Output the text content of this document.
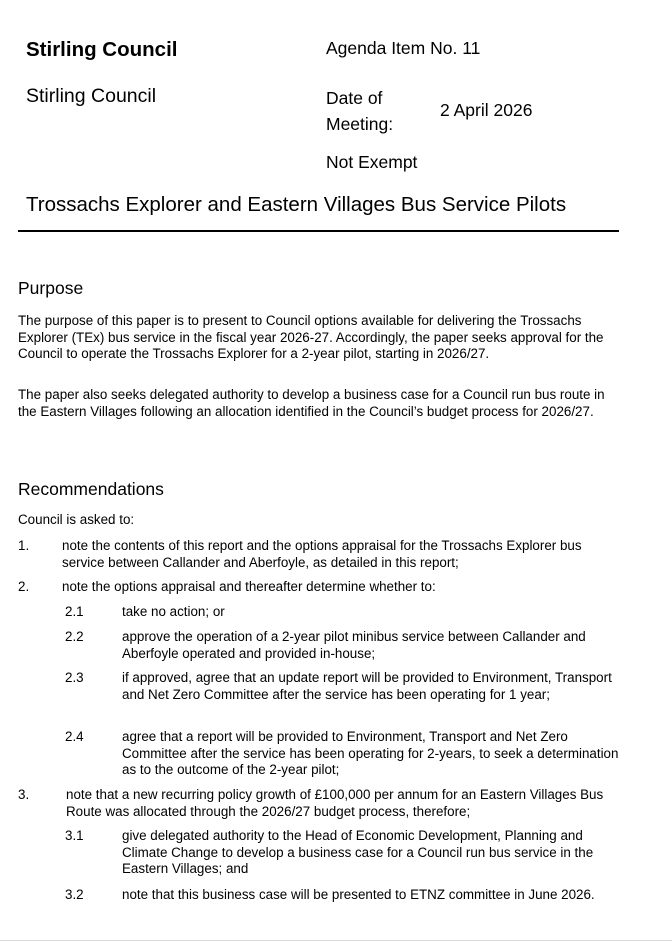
Stirling Council
Stirling Council
Agenda Item No. 11
Date of Meeting:
2 April 2026
Not Exempt
Trossachs Explorer and Eastern Villages Bus Service Pilots
Purpose
The purpose of this paper is to present to Council options available for delivering the Trossachs Explorer (TEx) bus service in the fiscal year 2026-27. Accordingly, the paper seeks approval for the Council to operate the Trossachs Explorer for a 2-year pilot, starting in 2026/27.
The paper also seeks delegated authority to develop a business case for a Council run bus route in the Eastern Villages following an allocation identified in the Council’s budget process for 2026/27.
Recommendations
Council is asked to:
1. note the contents of this report and the options appraisal for the Trossachs Explorer bus service between Callander and Aberfoyle, as detailed in this report;
2. note the options appraisal and thereafter determine whether to:
2.1	take no action; or
2.2	approve the operation of a 2-year pilot minibus service between Callander and Aberfoyle operated and provided in-house;
2.3	if approved, agree that an update report will be provided to Environment, Transport and Net Zero Committee after the service has been operating for 1 year;
2.4	agree that a report will be provided to Environment, Transport and Net Zero Committee after the service has been operating for 2-years, to seek a determination as to the outcome of the 2-year pilot;
3.	note that a new recurring policy growth of £100,000 per annum for an Eastern Villages Bus Route was allocated through the 2026/27 budget process, therefore;
3.1	give delegated authority to the Head of Economic Development, Planning and Climate Change to develop a business case for a Council run bus service in the Eastern Villages; and
3.2	note that this business case will be presented to ETNZ committee in June 2026.
